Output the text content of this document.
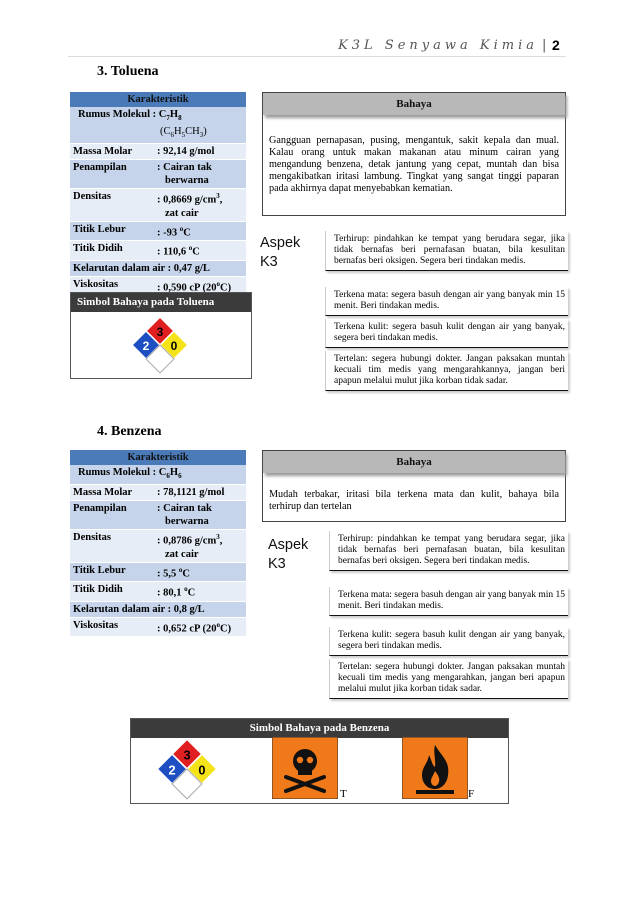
K3L Senyawa Kimia | 2
3. Toluena
Karakteristik	
Rumus Molekul : $C_7H_8$
$(C_6H_5CH_3)$	
Massa Molar	: 92,14 g/mol
Penampilan	: Cairan tak
berwarna
Densitas	: 0,8669 $g/cm^3$,
zat cair
Titik Lebur	: -93 $^o$C
Titik Didih	: 110,6 $^o$C
Kelarutan dalam air : 0,47 g/L	
Viskositas	: 0,590 cP (20$^o$C)
Simbol Bahaya pada Toluena
3
2 0
Bahaya
Gangguan pernapasan, pusing, mengantuk, sakit kepala dan mual. Kalau orang untuk makan makanan atau minum cairan yang mengandung benzena, detak jantung yang cepat, muntah dan bisa mengakibatkan iritasi lambung. Tingkat yang sangat tinggi paparan pada akhirnya dapat menyebabkan kematian.
Aspek
K3
Terhirup: pindahkan ke tempat yang berudara segar, jika tidak bernafas beri pernafasan buatan, bila kesulitan bernafas beri oksigen. Segera beri tindakan medis.
Terkena mata: segera basuh dengan air yang banyak min 15 menit. Beri tindakan medis.
Terkena kulit: segera basuh kulit dengan air yang banyak, segera beri tindakan medis.
Tertelan: segera hubungi dokter. Jangan paksakan muntah kecuali tim medis yang mengarahkannya, jangan beri apapun melalui mulut jika korban tidak sadar.
4. Benzena
Karakteristik	
Rumus Molekul : $C_6H_6$
Massa Molar	: 78,1121 g/mol
Penampilan	: Cairan tak
berwarna
Densitas	: 0,8786 $g/cm^3$,
zat cair
Titik Lebur	: 5,5 $^o$C
Titik Didih	: 80,1 $^o$C
Kelarutan dalam air : 0,8 g/L	
Viskositas	: 0,652 cP (20$^o$C)
Bahaya
Mudah terbakar, iritasi bila terkena mata dan kulit, bahaya bila terhirup dan tertelan
Aspek
K3
Terhirup: pindahkan ke tempat yang berudara segar, jika tidak bernafas beri pernafasan buatan, bila kesulitan bernafas beri oksigen. Segera beri tindakan medis.
Terkena mata: segera basuh dengan air yang banyak min 15 menit. Beri tindakan medis.
Terkena kulit: segera basuh kulit dengan air yang banyak, segera beri tindakan medis.
Tertelan: segera hubungi dokter. Jangan paksakan muntah kecuali tim medis yang mengarahkan, jangan beri apapun melalui mulut jika korban tidak sadar.
Simbol Bahaya pada Benzena
3
2 0
T	F
